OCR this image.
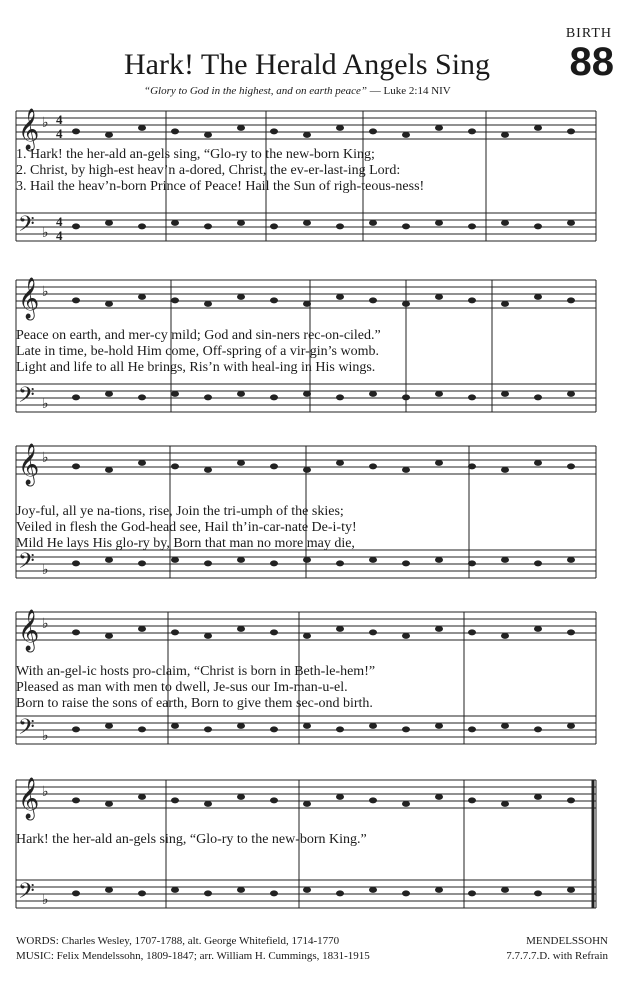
BIRTH
88
Hark! The Herald Angels Sing
“Glory to God in the highest, and on earth peace” — Luke 2:14 NIV
𝄞 ♭
𝄢 ♭
4
4
4
4
1. Hark! the her-ald an-gels sing, “Glo-ry to the new-born King;
2. Christ, by high-est heav’n a-dored, Christ, the ev-er-last-ing Lord:
3. Hail the heav’n-born Prince of Peace! Hail the Sun of righ-teous-ness!
𝄞 ♭
𝄢 ♭
Peace on earth, and mer-cy mild; God and sin-ners rec-on-ciled.”
Late in time, be-hold Him come, Off-spring of a vir-gin’s womb.
Light and life to all He brings, Ris’n with heal-ing in His wings.
𝄞 ♭
𝄢 ♭
Joy-ful, all ye na-tions, rise, Join the tri-umph of the skies;
Veiled in flesh the God-head see, Hail th’in-car-nate De-i-ty!
Mild He lays His glo-ry by, Born that man no more may die,
𝄞 ♭
𝄢 ♭
With an-gel-ic hosts pro-claim, “Christ is born in Beth-le-hem!”
Pleased as man with men to dwell, Je-sus our Im-man-u-el.
Born to raise the sons of earth, Born to give them sec-ond birth.
𝄞 ♭
𝄢 ♭
Hark! the her-ald an-gels sing, “Glo-ry to the new-born King.”
WORDS: Charles Wesley, 1707-1788, alt. George Whitefield, 1714-1770
MUSIC: Felix Mendelssohn, 1809-1847; arr. William H. Cummings, 1831-1915
MENDELSSOHN
7.7.7.7.D. with Refrain
